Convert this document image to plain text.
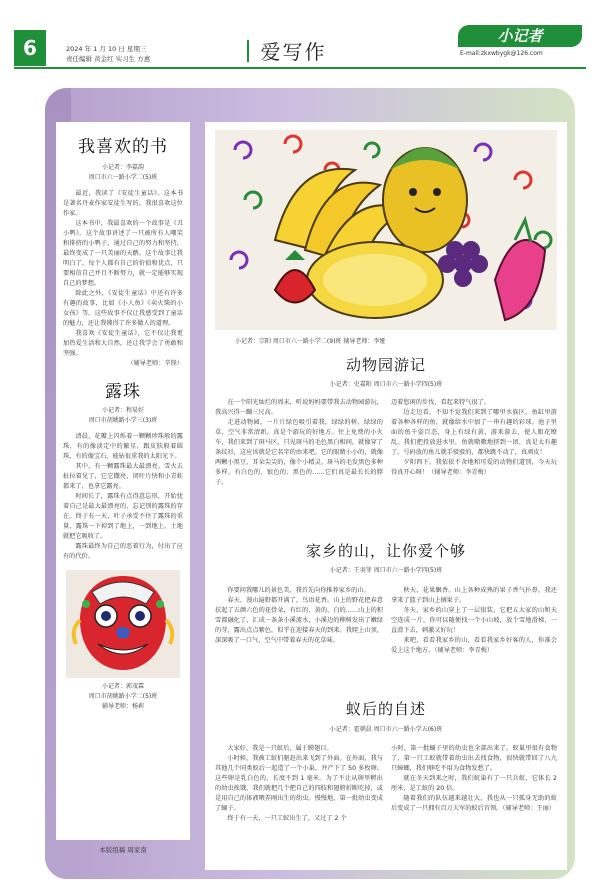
6	2024 年 1 月 10 日 星期三
责任编辑 黄金红 实习生 方惠	爱写作
小记者
E-mail:zkxwbygk@126.com
我喜欢的书
小记者：李嘉韵
周口市六一路小学二(5)班

最近，我读了《安徒生童话》。这本书是著名丹麦作家安徒生写的，我很喜欢这位作家。

这本书中，我最喜欢的一个故事是《丑小鸭》。这个故事讲述了一只被所有人嘲笑和排挤的小鸭子，通过自己的努力和坚持，最终变成了一只美丽的天鹅。这个故事让我明白了，每个人都有自己的价值和优点，只要相信自己并且不断努力，就一定能够实现自己的梦想。

除此之外，《安徒生童话》中还有许多有趣的故事，比如《小人鱼》《卖火柴的小女孩》等。这些故事不仅让我感受到了童话的魅力，还让我懂得了许多做人的道理。

我喜欢《安徒生童话》，它不仅让我更加热爱生活和大自然，还让我学会了勇敢和坚强。

（辅导老师：辛锋）

露珠
小记者：程易好
周口市胡姚路小学三(3)班

清晨，花瓣上闪烁着一颗颗珍珠般的露珠，有的像淡定中的繁星，跟皮肤般着圆珠，有的像宝石，能钻很重我的太阳光下。

其中，有一颗露珠最大最漂亮。雪火去扯拉着见了，它它撒亮，闭叶片快和小青蛙都来了，也拿它露亮。

时间长了，露珠有点得意忘形，开始忧着自己是最大最漂亮的，忘记别的露珠的存在。终于有一天，叶子承受不住了露珠的重量，露珠一下掉到了地上，一到地上，土地就把它吸收了。

露珠最终为自己的恶着行为，付出了应有的代价。

小记者：郭茂霖
周口市胡姚路小学二(5)班
辅导老师：杨莉
本版组稿 周家南
小记者：宗阳 周口市六一路小学二(9)班 辅导老师：李娅
动物园游记
小记者：史嘉阳 周口市六一路小学四(5)班

在一个阳光灿烂的周末，听说妈妈要带我去动物园游玩，我高兴得一蹦三尺高。

走进动物园，一片片绿色吸引着我，绿绿的树、绿绿的草，空气非常清新，真是个游玩的好地方。往上免费的小火车，我们来到了斑马区，只见斑马的毛色黑白相间，就像穿了条纹衫，这应该就是它名字的由来吧。它的眼睛小小的，就像两颗小黑豆，耳朵尖尖的，像个小精灵。斑马的毛发黑色多种多样，有白色的、银色的、黑色的……它们真是最长长的脖子，

迈着悠闲的步伐，看起来特气很了。

边走边看，不知不觉我们来到了哪里水族区。鱼缸里游着各种各样的鱼，就像给水中加了一串有趣的彩球。池子里面的鱼千姿百态，身上有绿有黄，游来游去，使人眼花缭乱。我们把投放进水里，鱼就嗷嗷地挤到一团，真是太有趣了。号码放的鱼儿就手驳驳的，都快跳不动了，真顽皮！

夕阳西下，我依依不舍地和可爱的动物们道别，今天玩得真开心呀！（辅导老师：李青梅）

家乡的山，让你爱个够
小记者：王羽菲 周口市六一路小学四(5)班

你要问我哪儿的景色美，我首先向你推荐家乡的山。

春天，漫山遍野都开满了，鸟语花香。山上的野花把春意扶起了五颜六色的花骨朵，有红的、黄的、白的……山上的积雪都融化了，汇成一条条小溪流水，小溪边的柳树发出了嫩绿的芽，露出点点紫色，似乎在迎接春天的到来。我爬上山顶，深深吸了一口气，空气中带着春天的花草味。

秋天，花果飘香。山上各种成熟的果子香气扑鼻，我还拿来了篮子到山上摘果子。

冬天，家乡的山穿上了一层银装，它把五大家的山和天空连成一片，你可以随便找一个小山坡，放个雪地滑梯，一直滑下去，刺激又好玩！

来吧，看看我家乡的山，看看我家乡好客的人，你准会爱上这个地方。（辅导老师：李青梅）

蚁后的自述
小记者：霍朝晨 周口市六一路小学五(6)班

大家好，我是一只蚁后，属于膜翅目。

小时候，我被工蚁们驱赶出来飞到了外面。在外面，我与其他几个同类蚁后一起造了一个小巢，并产下了 50 多枚卵。这些卵是乳白色的，长度不到 1 毫米。为了不让从卵里孵出的幼虫挨饿，我们就把几个把自己的四肢和翅膀折断吃掉，或是用自己的体液喂养刚出生的幼虫。慢慢地，第一批幼虫变成了蛹子。

终于有一天，一只工蚁出生了，又过了 2 个

小时，第一批蛹子里的幼虫也全部出来了。蚁巢里很有食物了，第一只工蚁就带着幼虫出去找食物，很快就带回了八九只蟑螂，我们够吃不用为食物发愁了。

就在冬天到来之时，我们蚁巢有了一只兵蚁，它体长 2 厘米，是工蚁的 20 倍。

随着我们的队伍越来越壮大，我也从一只孤身无助的蚁后变成了一只拥有百万大军的蚁后首领。（辅导老师：王丽）
